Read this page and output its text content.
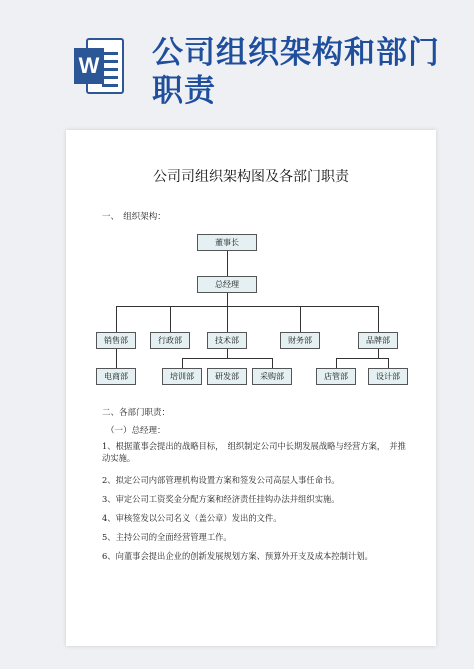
W 公司组织架构和部门职责
公司司组织架构图及各部门职责
一、　组织架构：
董事长
总经理
销售部	行政部	技术部	财务部	品牌部
电商部	培训部	研发部	采购部	店管部	设计部
二、各部门职责：
（一）总经理：
1、根据董事会提出的战略目标，　组织制定公司中长期发展战略与经营方案，　并推动实施。
2、拟定公司内部管理机构设置方案和签发公司高层人事任命书。
3、审定公司工资奖金分配方案和经济责任挂钩办法并组织实施。
4、审核签发以公司名义（盖公章）发出的文件。
5、主持公司的全面经营管理工作。
6、向董事会提出企业的创新发展规划方案、预算外开支及成本控制计划。
